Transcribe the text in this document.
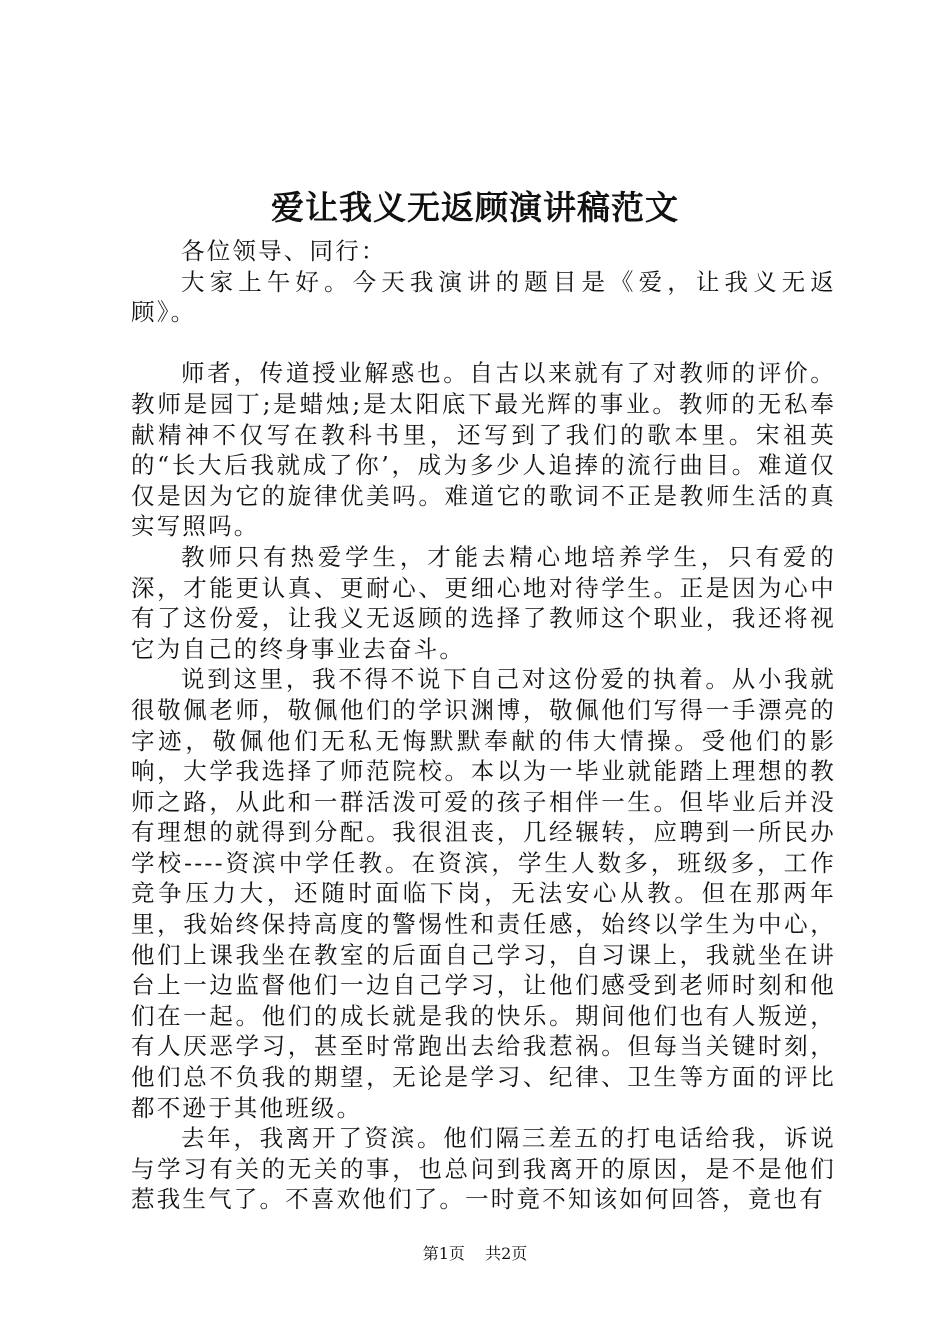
爱让我义无返顾演讲稿范文

各位领导、同行：

大家上午好。今天我演讲的题目是《爱，让我义无返顾》。

师者，传道授业解惑也。自古以来就有了对教师的评价。教师是园丁;是蜡烛;是太阳底下最光辉的事业。教师的无私奉献精神不仅写在教科书里，还写到了我们的歌本里。宋祖英的“长大后我就成了你’，成为多少人追捧的流行曲目。难道仅仅是因为它的旋律优美吗。难道它的歌词不正是教师生活的真实写照吗。

教师只有热爱学生，才能去精心地培养学生，只有爱的深，才能更认真、更耐心、更细心地对待学生。正是因为心中有了这份爱，让我义无返顾的选择了教师这个职业，我还将视它为自己的终身事业去奋斗。

说到这里，我不得不说下自己对这份爱的执着。从小我就很敬佩老师，敬佩他们的学识渊博，敬佩他们写得一手漂亮的字迹，敬佩他们无私无悔默默奉献的伟大情操。受他们的影响，大学我选择了师范院校。本以为一毕业就能踏上理想的教师之路，从此和一群活泼可爱的孩子相伴一生。但毕业后并没有理想的就得到分配。我很沮丧，几经辗转，应聘到一所民办学校----资滨中学任教。在资滨，学生人数多，班级多，工作竞争压力大，还随时面临下岗，无法安心从教。但在那两年里，我始终保持高度的警惕性和责任感，始终以学生为中心，他们上课我坐在教室的后面自己学习，自习课上，我就坐在讲台上一边监督他们一边自己学习，让他们感受到老师时刻和他们在一起。他们的成长就是我的快乐。期间他们也有人叛逆，有人厌恶学习，甚至时常跑出去给我惹祸。但每当关键时刻，他们总不负我的期望，无论是学习、纪律、卫生等方面的评比都不逊于其他班级。

去年，我离开了资滨。他们隔三差五的打电话给我，诉说与学习有关的无关的事，也总问到我离开的原因，是不是他们惹我生气了。不喜欢他们了。一时竟不知该如何回答，竟也有

第1页 共2页
